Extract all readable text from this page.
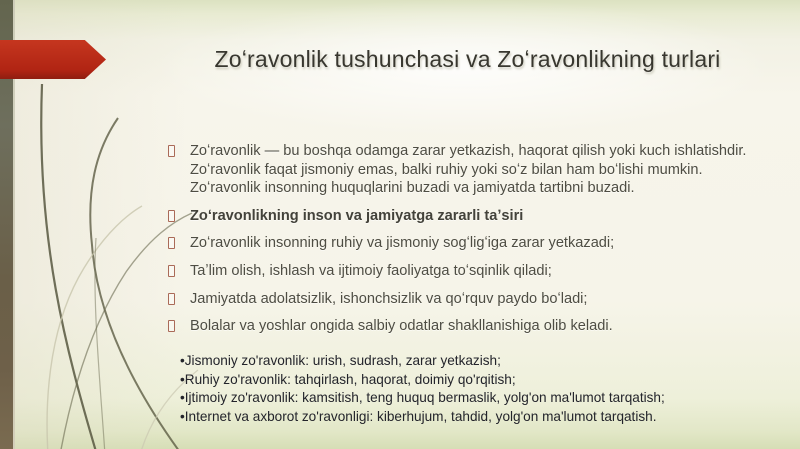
Zoʻravonlik tushunchasi va Zoʻravonlikning turlari
Zoʻravonlik — bu boshqa odamga zarar yetkazish, haqorat qilish yoki kuch ishlatishdir. Zoʻravonlik faqat jismoniy emas, balki ruhiy yoki soʻz bilan ham boʻlishi mumkin. Zoʻravonlik insonning huquqlarini buzadi va jamiyatda tartibni buzadi.
Zoʻravonlikning inson va jamiyatga zararli taʼsiri
Zoʻravonlik insonning ruhiy va jismoniy sogʻligʻiga zarar yetkazadi;
Taʼlim olish, ishlash va ijtimoiy faoliyatga toʻsqinlik qiladi;
Jamiyatda adolatsizlik, ishonchsizlik va qoʻrquv paydo boʻladi;
Bolalar va yoshlar ongida salbiy odatlar shakllanishiga olib keladi.
•Jismoniy zo'ravonlik: urish, sudrash, zarar yetkazish;
•Ruhiy zo'ravonlik: tahqirlash, haqorat, doimiy qo'rqitish;
•Ijtimoiy zo'ravonlik: kamsitish, teng huquq bermaslik, yolg'on ma'lumot tarqatish;
•Internet va axborot zo'ravonligi: kiberhujum, tahdid, yolg'on ma'lumot tarqatish.
